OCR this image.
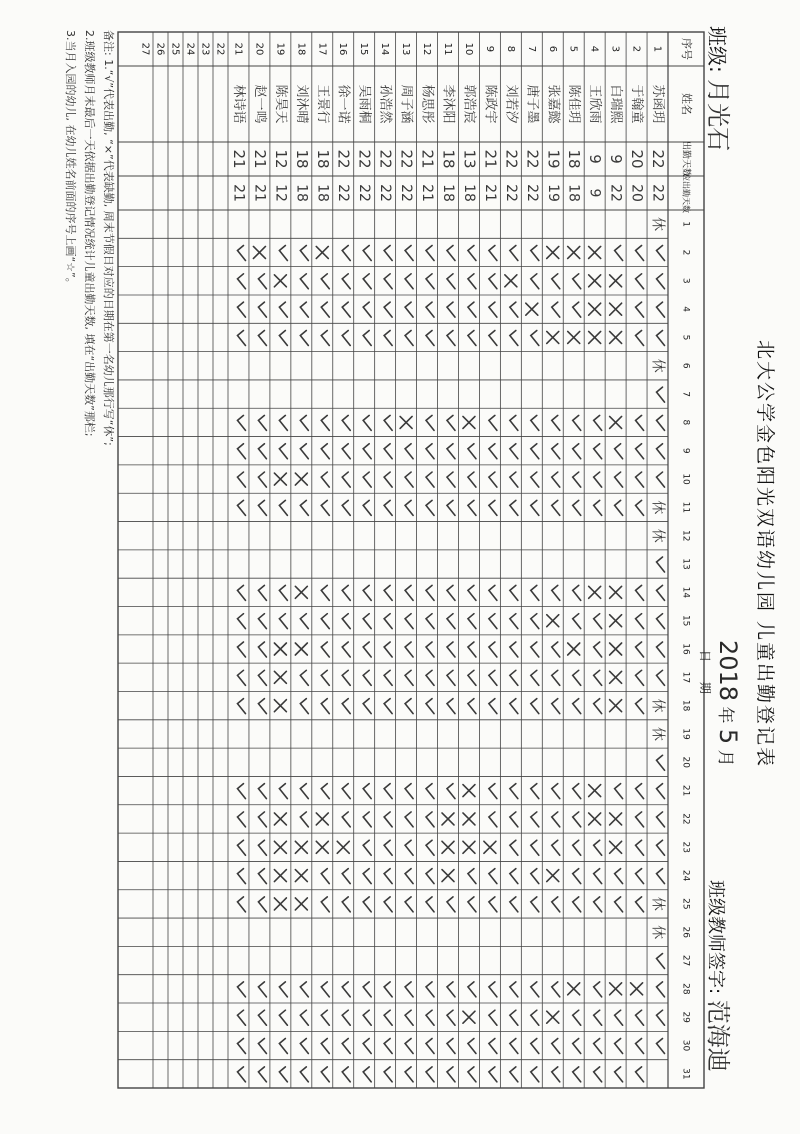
序号
姓名
出勤天数
应出勤天数
1
2
3
4
5
6
7
8
9
10
11
12
13
14
15
16
17
18
19
20
21
22
23
24
25
26
27
28
29
30
31
1
苏函玥
22
22
休
休
休
休
休
休
休
休
2
于翰童
20
20
3
白瑞熙
9
22
4
王欣雨
9
9
5
陈佳玥
18
18
6
张嘉懿
19
19
7
唐子墨
22
22
8
刘若汐
22
22
9
陈政宇
21
21
10
郭浩宸
13
18
11
李沐阳
18
18
12
杨思彤
21
21
13
周子涵
22
22
14
孙浩然
22
22
15
吴雨桐
22
22
16
徐一诺
22
22
17
王景行
18
18
18
刘沐晴
18
18
19
陈昊天
12
12
20
赵一鸣
21
21
21
林诗语
21
21
22
23
24
25
26
27
北大公学金色阳光双语幼儿园 儿童出勤登记表
2018 年 5 月
班级: 月光石
班级教师签字: 范海迪
日 期
备注: 1.“√”代表出勤, “×”代表缺勤, 周末节假日对应的日期在第一名幼儿那行写“休”;
2.班级教师月末最后一天依据出勤登记情况统计儿童出勤天数, 填在“出勤天数”那栏;
3.当月入园的幼儿, 在幼儿姓名前面的序号上画“☆”。
